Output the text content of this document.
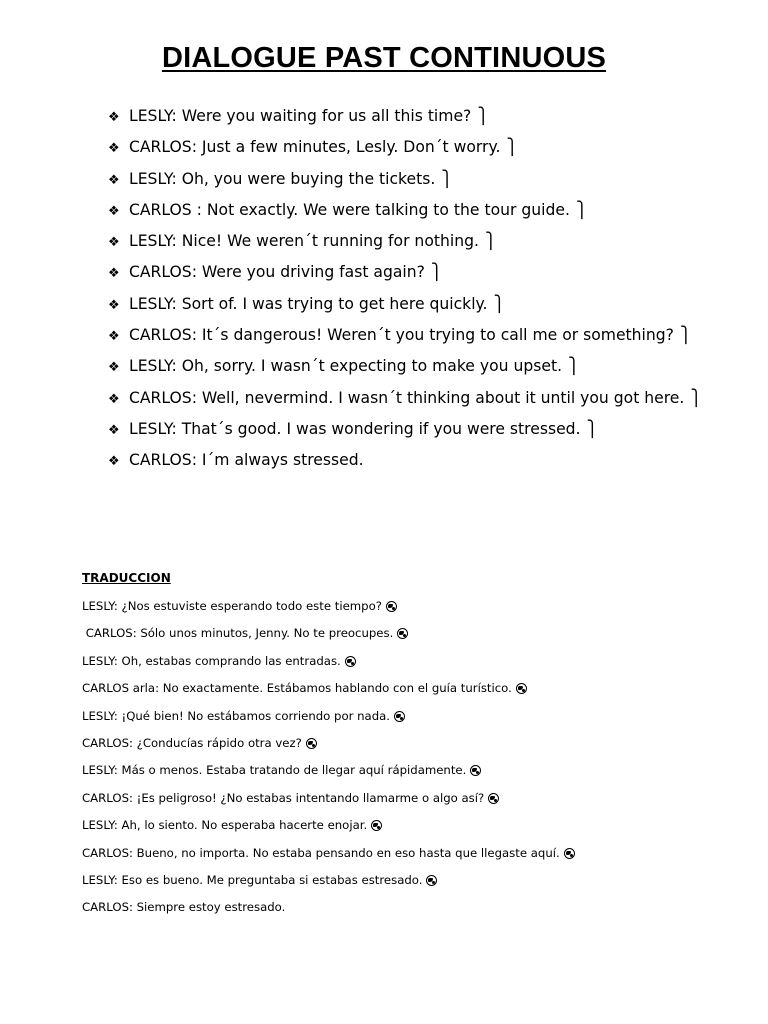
DIALOGUE PAST CONTINUOUS
❖ LESLY: Were you waiting for us all this time? ⎫
❖ CARLOS: Just a few minutes, Lesly. Don´t worry. ⎫
❖ LESLY: Oh, you were buying the tickets. ⎫
❖ CARLOS : Not exactly. We were talking to the tour guide. ⎫
❖ LESLY: Nice! We weren´t running for nothing. ⎫
❖ CARLOS: Were you driving fast again? ⎫
❖ LESLY: Sort of. I was trying to get here quickly. ⎫
❖ CARLOS: It´s dangerous! Weren´t you trying to call me or something? ⎫
❖ LESLY: Oh, sorry. I wasn´t expecting to make you upset. ⎫
❖ CARLOS: Well, nevermind. I wasn´t thinking about it until you got here. ⎫
❖ LESLY: That´s good. I was wondering if you were stressed. ⎫
❖ CARLOS: I´m always stressed.
TRADUCCION
LESLY: ¿Nos estuviste esperando todo este tiempo?
CARLOS: Sólo unos minutos, Jenny. No te preocupes.
LESLY: Oh, estabas comprando las entradas.
CARLOS arla: No exactamente. Estábamos hablando con el guía turístico.
LESLY: ¡Qué bien! No estábamos corriendo por nada.
CARLOS: ¿Conducías rápido otra vez?
LESLY: Más o menos. Estaba tratando de llegar aquí rápidamente.
CARLOS: ¡Es peligroso! ¿No estabas intentando llamarme o algo así?
LESLY: Ah, lo siento. No esperaba hacerte enojar.
CARLOS: Bueno, no importa. No estaba pensando en eso hasta que llegaste aquí.
LESLY: Eso es bueno. Me preguntaba si estabas estresado.
CARLOS: Siempre estoy estresado.
